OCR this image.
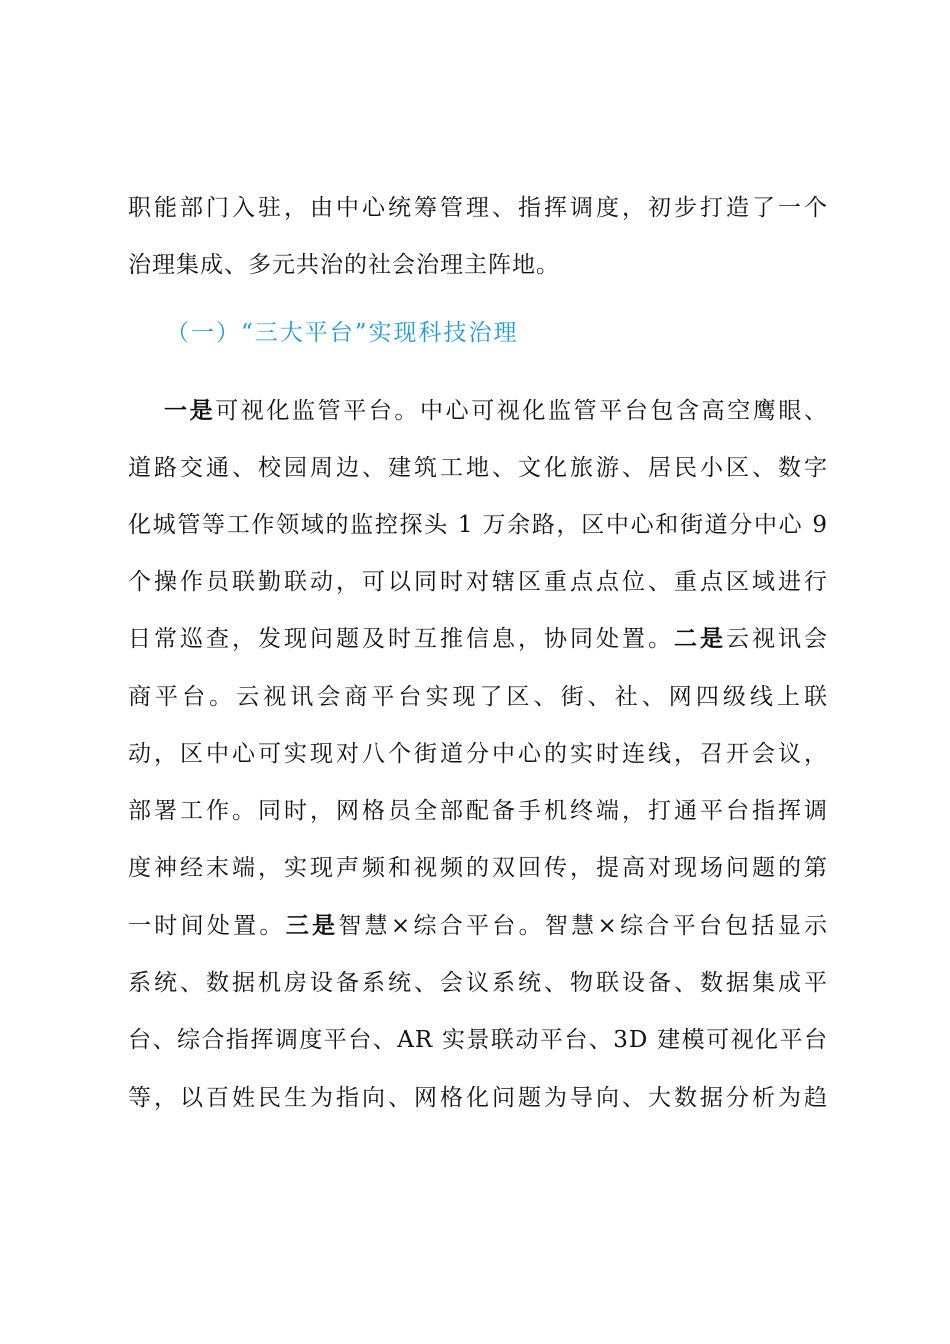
职能部门入驻，由中心统筹管理、指挥调度，初步打造了一个
治理集成、多元共治的社会治理主阵地。
（一）“三大平台”实现科技治理
一是可视化监管平台。中心可视化监管平台包含高空鹰眼、
道路交通、校园周边、建筑工地、文化旅游、居民小区、数字
化城管等工作领域的监控探头 1 万余路，区中心和街道分中心 9
个操作员联勤联动，可以同时对辖区重点点位、重点区域进行
日常巡查，发现问题及时互推信息，协同处置。二是云视讯会
商平台。云视讯会商平台实现了区、街、社、网四级线上联
动，区中心可实现对八个街道分中心的实时连线，召开会议，
部署工作。同时，网格员全部配备手机终端，打通平台指挥调
度神经末端，实现声频和视频的双回传，提高对现场问题的第
一时间处置。三是智慧×综合平台。智慧×综合平台包括显示
系统、数据机房设备系统、会议系统、物联设备、数据集成平
台、综合指挥调度平台、AR 实景联动平台、3D 建模可视化平台
等，以百姓民生为指向、网格化问题为导向、大数据分析为趋
